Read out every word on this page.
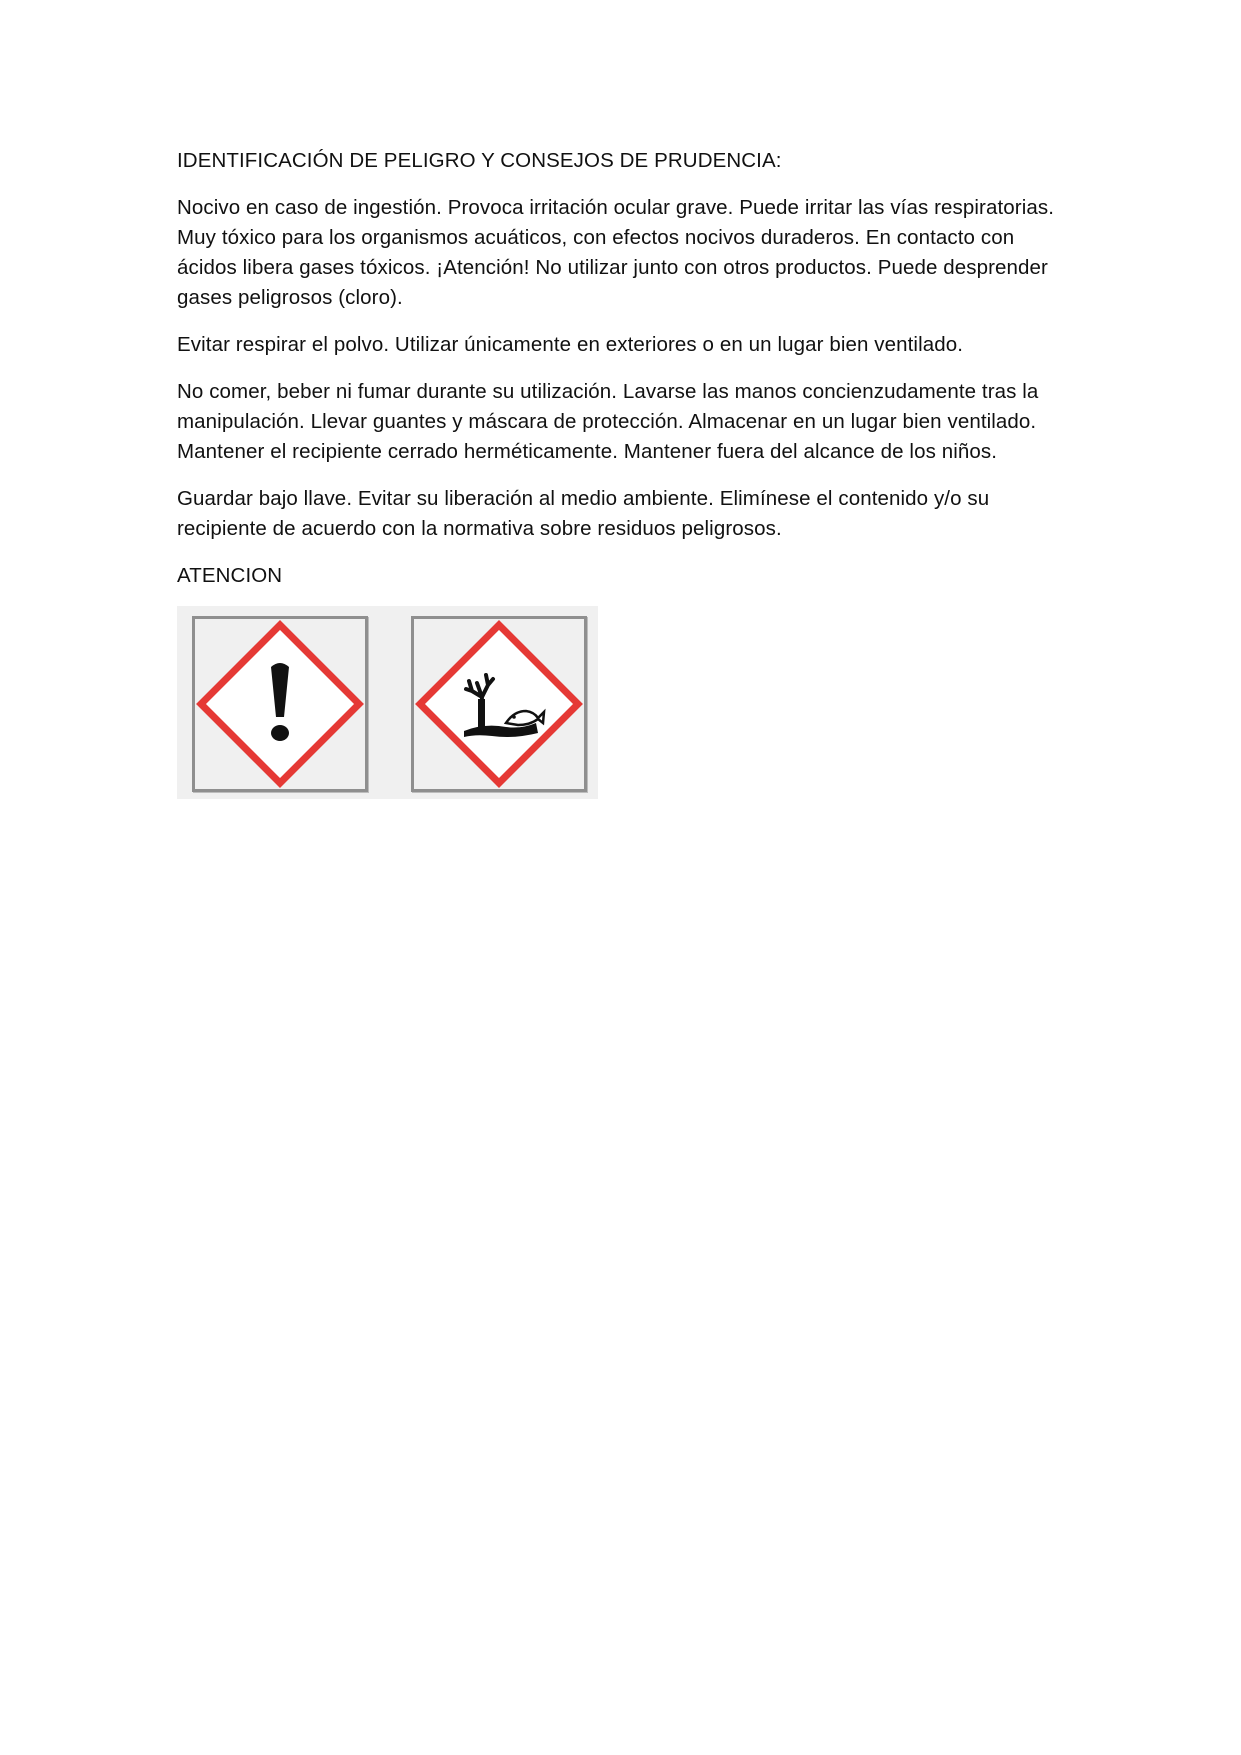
IDENTIFICACIÓN DE PELIGRO Y CONSEJOS DE PRUDENCIA:

Nocivo en caso de ingestión. Provoca irritación ocular grave. Puede irritar las vías respiratorias. Muy tóxico para los organismos acuáticos, con efectos nocivos duraderos. En contacto con ácidos libera gases tóxicos. ¡Atención! No utilizar junto con otros productos. Puede desprender gases peligrosos (cloro).

Evitar respirar el polvo. Utilizar únicamente en exteriores o en un lugar bien ventilado.

No comer, beber ni fumar durante su utilización. Lavarse las manos concienzudamente tras la manipulación. Llevar guantes y máscara de protección. Almacenar en un lugar bien ventilado. Mantener el recipiente cerrado herméticamente. Mantener fuera del alcance de los niños.

Guardar bajo llave. Evitar su liberación al medio ambiente. Elimínese el contenido y/o su recipiente de acuerdo con la normativa sobre residuos peligrosos.

ATENCION
